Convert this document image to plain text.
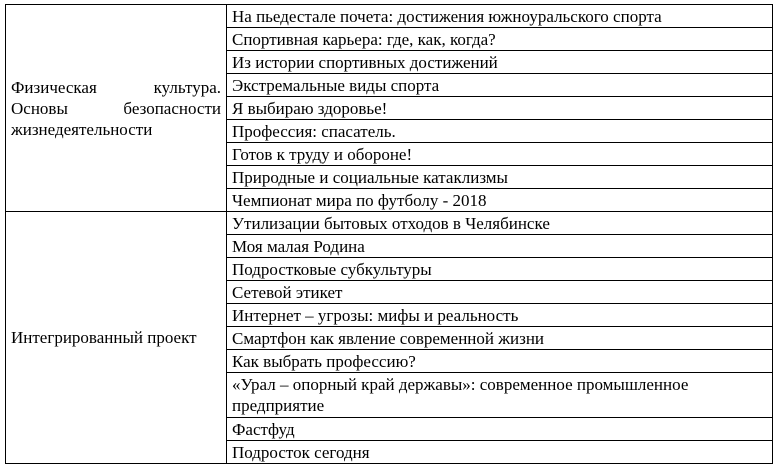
Физическая культура. Основы безопасности жизнедеятельности	На пьедестале почета: достижения южноуральского спорта
	Спортивная карьера: где, как, когда?
	Из истории спортивных достижений
	Экстремальные виды спорта
	Я выбираю здоровье!
	Профессия: спасатель.
	Готов к труду и обороне!
	Природные и социальные катаклизмы
	Чемпионат мира по футболу - 2018
Интегрированный проект	Утилизации бытовых отходов в Челябинске
	Моя малая Родина
	Подростковые субкультуры
	Сетевой этикет
	Интернет – угрозы: мифы и реальность
	Смартфон как явление современной жизни
	Как выбрать профессию?
	«Урал – опорный край державы»: современное промышленное предприятие
	Фастфуд
	Подросток сегодня
